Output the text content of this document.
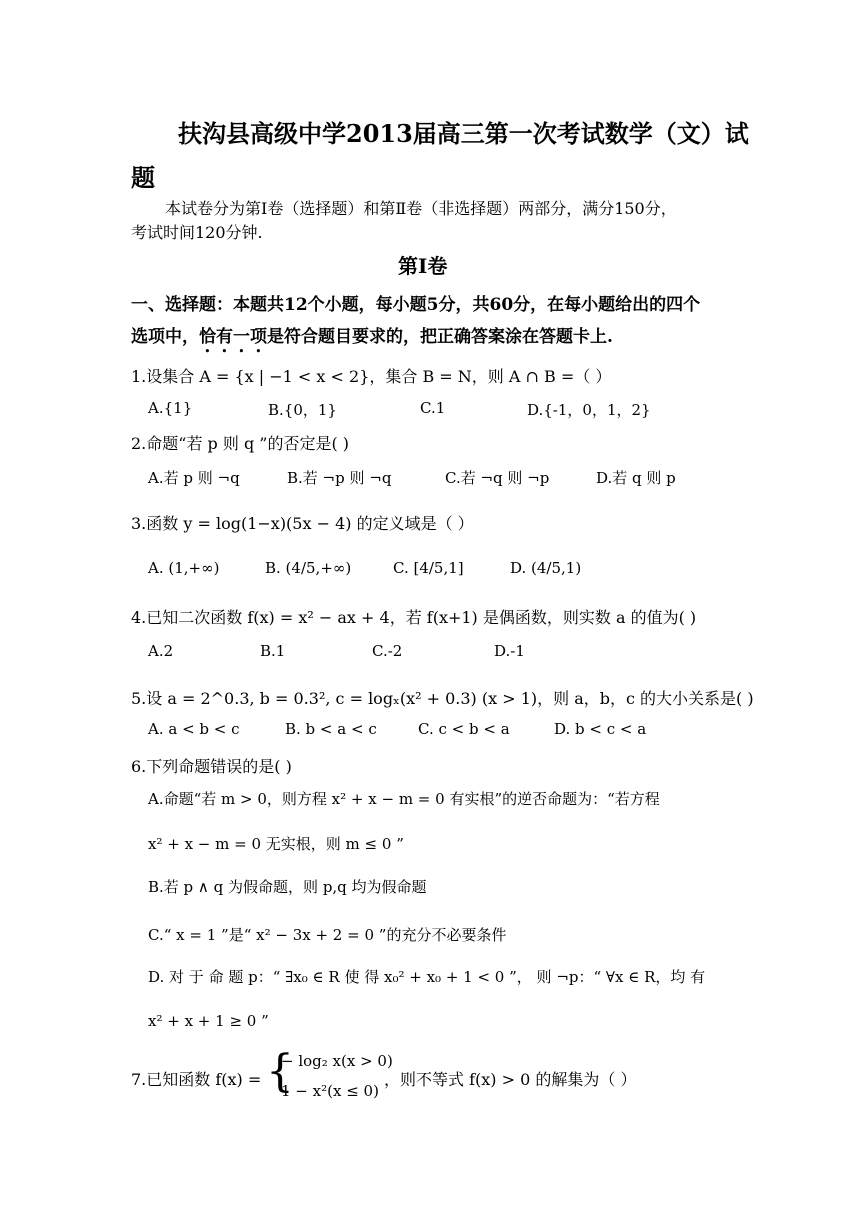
扶沟县高级中学2013届高三第一次考试数学（文）试
题
本试卷分为第Ⅰ卷（选择题）和第Ⅱ卷（非选择题）两部分，满分150分，
考试时间120分钟.
第Ⅰ卷
一、选择题：本题共12个小题，每小题5分，共60分，在每小题给出的四个
选项中，恰有一项是符合题目要求的，把正确答案涂在答题卡上.
1.设集合 A = {x | −1 < x < 2}，集合 B = N，则 A ∩ B =（ ）
A.{1}	B.{0，1}	C.1	D.{-1，0，1，2}
2.命题“若 p 则 q ”的否定是( )
A.若 p 则 ¬q	B.若 ¬p 则 ¬q	C.若 ¬q 则 ¬p	D.若 q 则 p
3.函数 y = log(1−x)(5x − 4) 的定义域是（ ）
A. (1,+∞)	B. (4/5,+∞)	C. [4/5,1]	D. (4/5,1)
4.已知二次函数 f(x) = x² − ax + 4，若 f(x+1) 是偶函数，则实数 a 的值为( )
A.2	B.1	C.-2	D.-1
5.设 a = 2^0.3, b = 0.3², c = logₓ(x² + 0.3) (x > 1)，则 a，b，c 的大小关系是( )
A. a < b < c	B. b < a < c	C. c < b < a	D. b < c < a
6.下列命题错误的是( )
A.命题“若 m > 0，则方程 x² + x − m = 0 有实根”的逆否命题为：“若方程
x² + x − m = 0 无实根，则 m ≤ 0 ”
B.若 p ∧ q 为假命题，则 p,q 均为假命题
C.“ x = 1 ”是“ x² − 3x + 2 = 0 ”的充分不必要条件
D. 对 于 命 题 p：“ ∃x₀ ∈ R 使 得 x₀² + x₀ + 1 < 0 ”， 则 ¬p：“ ∀x ∈ R，均 有
x² + x + 1 ≥ 0 ”
7.已知函数 f(x) = {
− log₂ x(x > 0)
1 − x²(x ≤ 0)
，则不等式 f(x) > 0 的解集为（ ）
